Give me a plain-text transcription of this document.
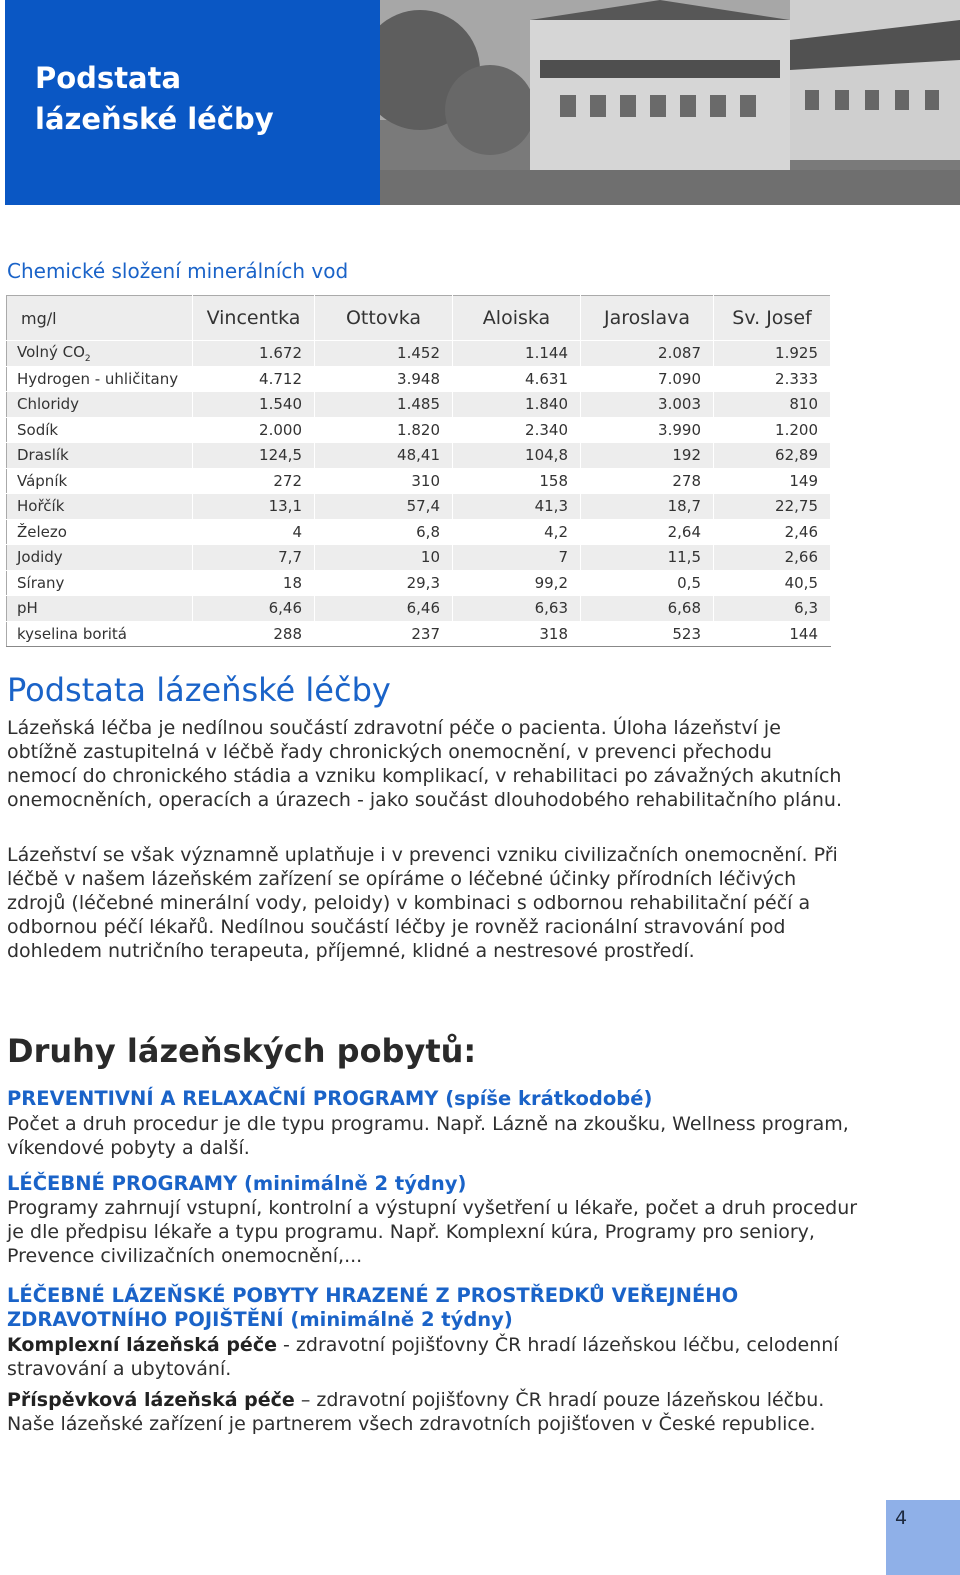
Podstata
lázeňské léčby
Chemické složení minerálních vod
mg/l	Vincentka	Ottovka	Aloiska	Jaroslava	Sv. Josef
Volný $CO_2$	1.672	1.452	1.144	2.087	1.925
Hydrogen - uhličitany	4.712	3.948	4.631	7.090	2.333
Chloridy	1.540	1.485	1.840	3.003	810
Sodík	2.000	1.820	2.340	3.990	1.200
Draslík	124,5	48,41	104,8	192	62,89
Vápník	272	310	158	278	149
Hořčík	13,1	57,4	41,3	18,7	22,75
Železo	4	6,8	4,2	2,64	2,46
Jodidy	7,7	10	7	11,5	2,66
Sírany	18	29,3	99,2	0,5	40,5
pH	6,46	6,46	6,63	6,68	6,3
kyselina boritá	288	237	318	523	144
Podstata lázeňské léčby

Lázeňská léčba je nedílnou součástí zdravotní péče o pacienta. Úloha lázeňství je obtížně zastupitelná v léčbě řady chronických onemocnění, v prevenci přechodu nemocí do chronického stádia a vzniku komplikací, v rehabilitaci po závažných akutních onemocněních, operacích a úrazech - jako součást dlouhodobého rehabilitačního plánu.

Lázeňství se však významně uplatňuje i v prevenci vzniku civilizačních onemocnění. Při léčbě v našem lázeňském zařízení se opíráme o léčebné účinky přírodních léčivých zdrojů (léčebné minerální vody, peloidy) v kombinaci s odbornou rehabilitační péčí a odbornou péčí lékařů. Nedílnou součástí léčby je rovněž racionální stravování pod dohledem nutričního terapeuta, příjemné, klidné a nestresové prostředí.

Druhy lázeňských pobytů:

PREVENTIVNÍ A RELAXAČNÍ PROGRAMY (spíše krátkodobé)

Počet a druh procedur je dle typu programu. Např. Lázně na zkoušku, Wellness program, víkendové pobyty a další.

LÉČEBNÉ PROGRAMY (minimálně 2 týdny)

Programy zahrnují vstupní, kontrolní a výstupní vyšetření u lékaře, počet a druh procedur je dle předpisu lékaře a typu programu. Např. Komplexní kúra, Programy pro seniory, Prevence civilizačních onemocnění,...

LÉČEBNÉ LÁZEŇSKÉ POBYTY HRAZENÉ Z PROSTŘEDKŮ VEŘEJNÉHO ZDRAVOTNÍHO POJIŠTĚNÍ (minimálně 2 týdny)

Komplexní lázeňská péče - zdravotní pojišťovny ČR hradí lázeňskou léčbu, celodenní stravování a ubytování.

Příspěvková lázeňská péče – zdravotní pojišťovny ČR hradí pouze lázeňskou léčbu. Naše lázeňské zařízení je partnerem všech zdravotních pojišťoven v České republice.

4
